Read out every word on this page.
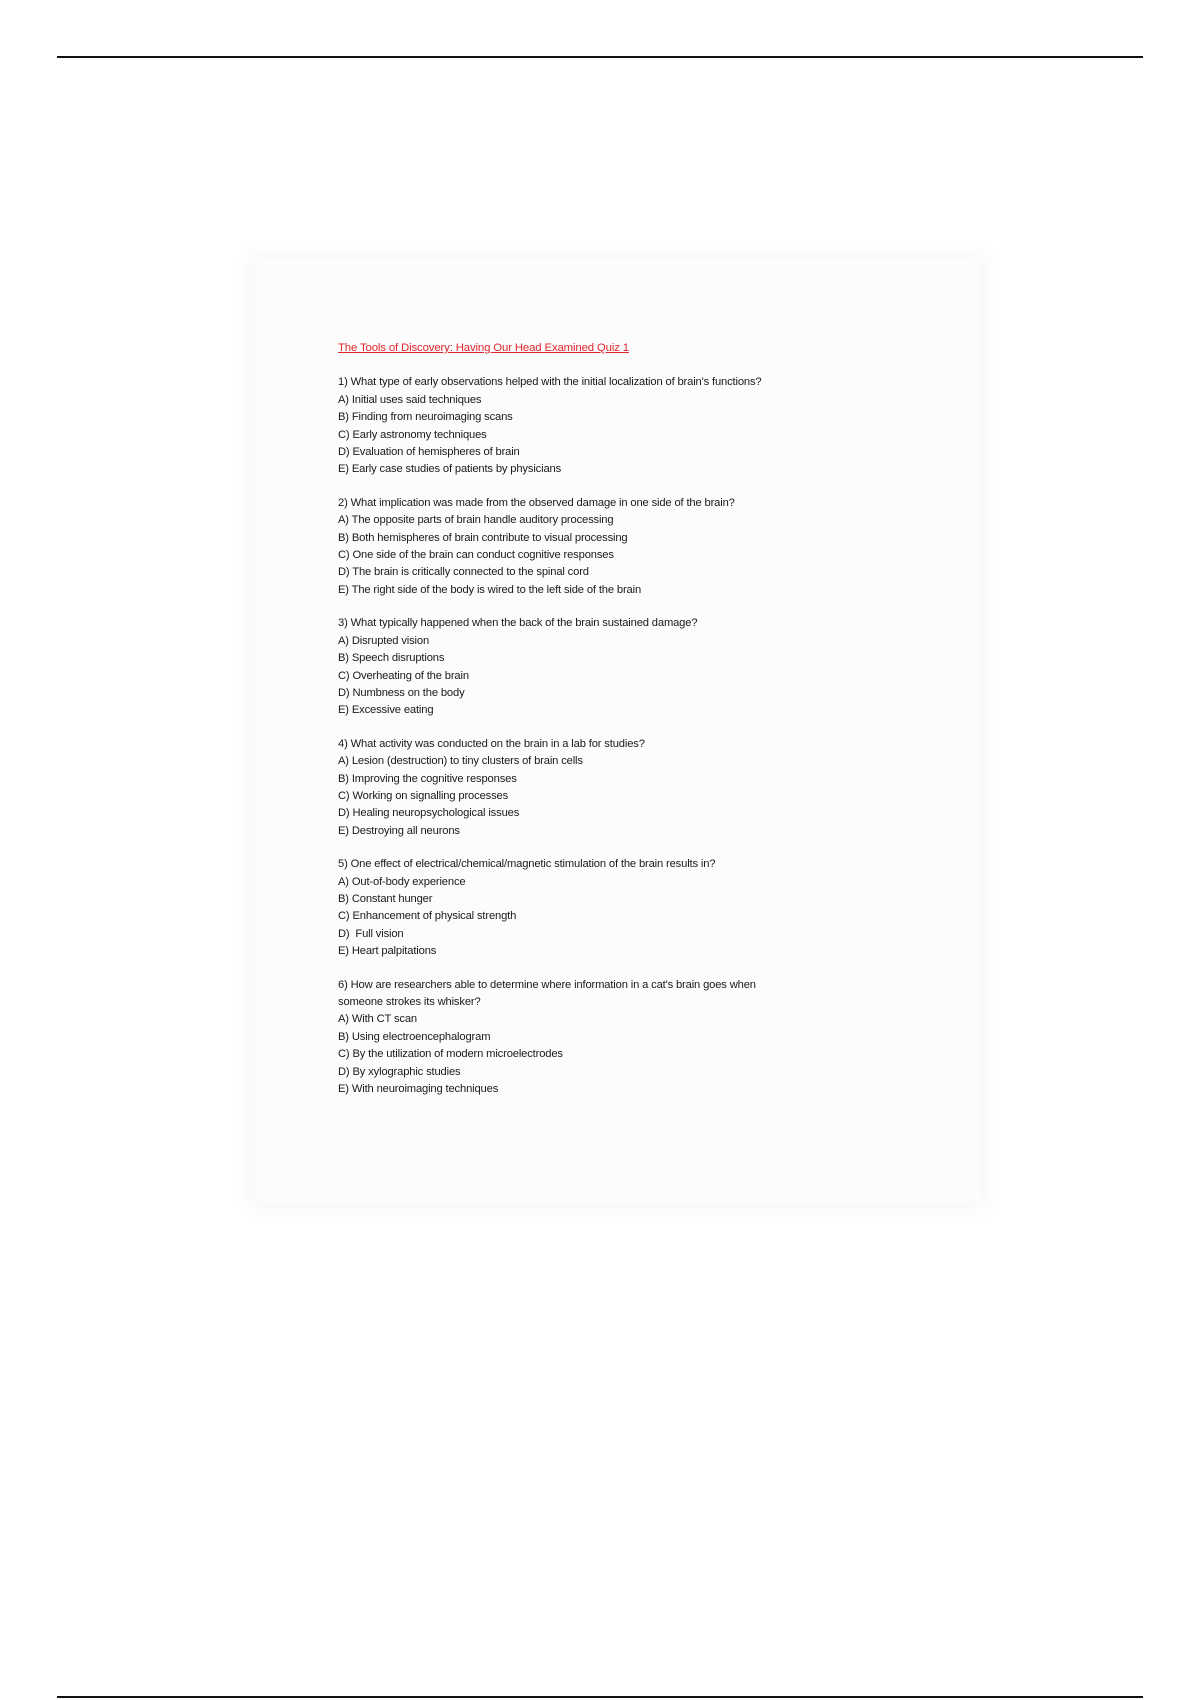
The Tools of Discovery: Having Our Head Examined Quiz 1
1) What type of early observations helped with the initial localization of brain's functions?
A) Initial uses said techniques
B) Finding from neuroimaging scans
C) Early astronomy techniques
D) Evaluation of hemispheres of brain
E) Early case studies of patients by physicians
2) What implication was made from the observed damage in one side of the brain?
A) The opposite parts of brain handle auditory processing
B) Both hemispheres of brain contribute to visual processing
C) One side of the brain can conduct cognitive responses
D) The brain is critically connected to the spinal cord
E) The right side of the body is wired to the left side of the brain
3) What typically happened when the back of the brain sustained damage?
A) Disrupted vision
B) Speech disruptions
C) Overheating of the brain
D) Numbness on the body
E) Excessive eating
4) What activity was conducted on the brain in a lab for studies?
A) Lesion (destruction) to tiny clusters of brain cells
B) Improving the cognitive responses
C) Working on signalling processes
D) Healing neuropsychological issues
E) Destroying all neurons
5) One effect of electrical/chemical/magnetic stimulation of the brain results in?
A) Out-of-body experience
B) Constant hunger
C) Enhancement of physical strength
D)  Full vision
E) Heart palpitations
6) How are researchers able to determine where information in a cat's brain goes when
someone strokes its whisker?
A) With CT scan
B) Using electroencephalogram
C) By the utilization of modern microelectrodes
D) By xylographic studies
E) With neuroimaging techniques
